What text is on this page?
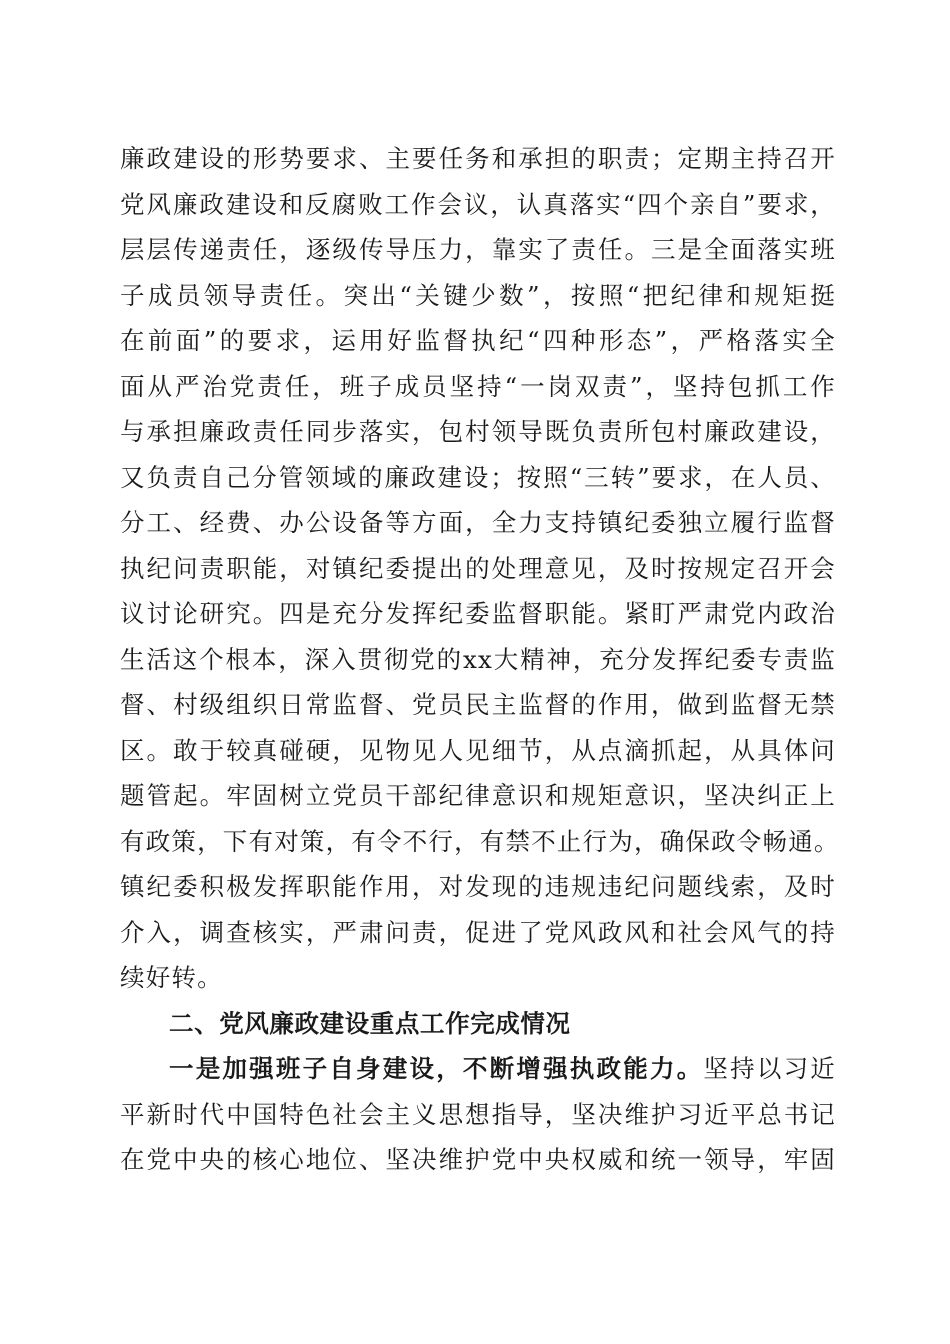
廉政建设的形势要求、主要任务和承担的职责；定期主持召开
党风廉政建设和反腐败工作会议，认真落实“四个亲自”要求，
层层传递责任，逐级传导压力，靠实了责任。三是全面落实班
子成员领导责任。突出“关键少数”，按照“把纪律和规矩挺
在前面”的要求，运用好监督执纪“四种形态”，严格落实全
面从严治党责任，班子成员坚持“一岗双责”，坚持包抓工作
与承担廉政责任同步落实，包村领导既负责所包村廉政建设，
又负责自己分管领域的廉政建设；按照“三转”要求，在人员、
分工、经费、办公设备等方面，全力支持镇纪委独立履行监督
执纪问责职能，对镇纪委提出的处理意见，及时按规定召开会
议讨论研究。四是充分发挥纪委监督职能。紧盯严肃党内政治
生活这个根本，深入贯彻党的xx大精神，充分发挥纪委专责监
督、村级组织日常监督、党员民主监督的作用，做到监督无禁
区。敢于较真碰硬，见物见人见细节，从点滴抓起，从具体问
题管起。牢固树立党员干部纪律意识和规矩意识，坚决纠正上
有政策，下有对策，有令不行，有禁不止行为，确保政令畅通。
镇纪委积极发挥职能作用，对发现的违规违纪问题线索，及时
介入，调查核实，严肃问责，促进了党风政风和社会风气的持
续好转。
二、党风廉政建设重点工作完成情况
一是加强班子自身建设，不断增强执政能力。坚持以习近
平新时代中国特色社会主义思想指导，坚决维护习近平总书记
在党中央的核心地位、坚决维护党中央权威和统一领导，牢固
